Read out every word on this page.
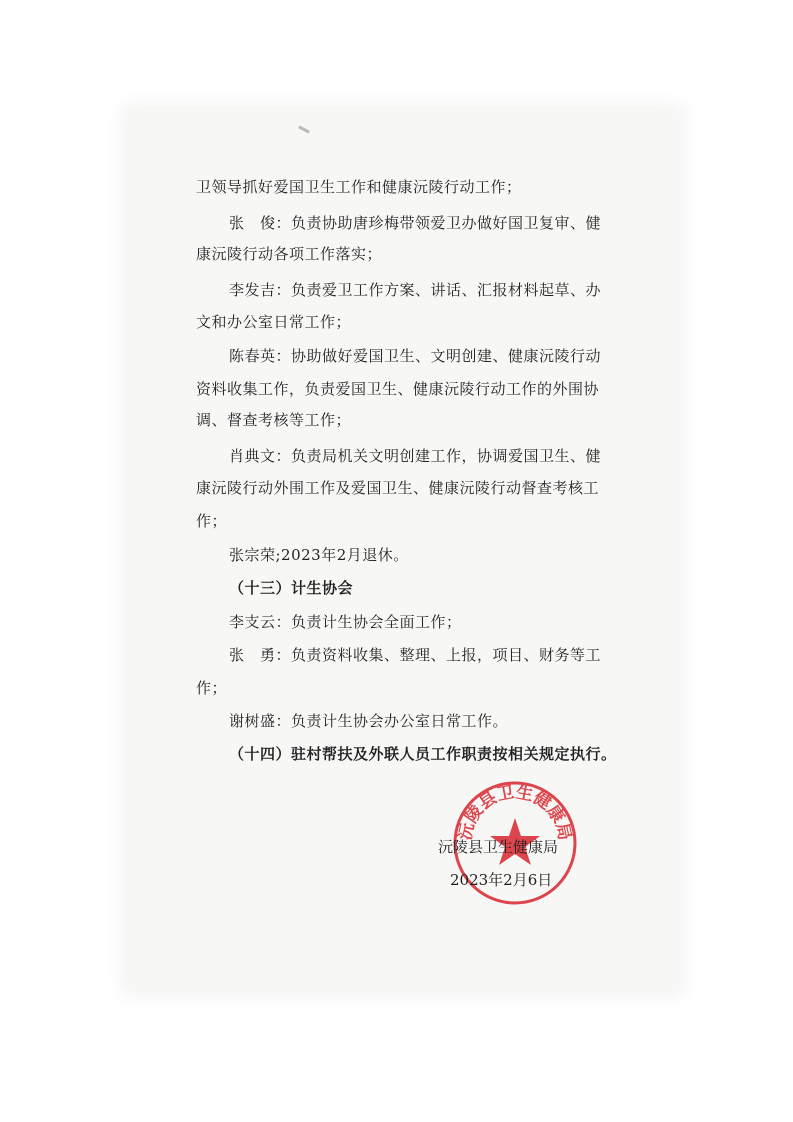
卫领导抓好爱国卫生工作和健康沅陵行动工作；
张　俊：负责协助唐珍梅带领爱卫办做好国卫复审、健
康沅陵行动各项工作落实；
李发吉：负责爱卫工作方案、讲话、汇报材料起草、办
文和办公室日常工作；
陈春英：协助做好爱国卫生、文明创建、健康沅陵行动
资料收集工作，负责爱国卫生、健康沅陵行动工作的外围协
调、督查考核等工作；
肖典文：负责局机关文明创建工作，协调爱国卫生、健
康沅陵行动外围工作及爱国卫生、健康沅陵行动督查考核工
作；
张宗荣;2023年2月退休。
（十三）计生协会
李支云：负责计生协会全面工作；
张　勇：负责资料收集、整理、上报，项目、财务等工
作；
谢树盛：负责计生协会办公室日常工作。
（十四）驻村帮扶及外联人员工作职责按相关规定执行。
沅陵县卫生健康局
沅陵县卫生健康局
2023年2月6日
